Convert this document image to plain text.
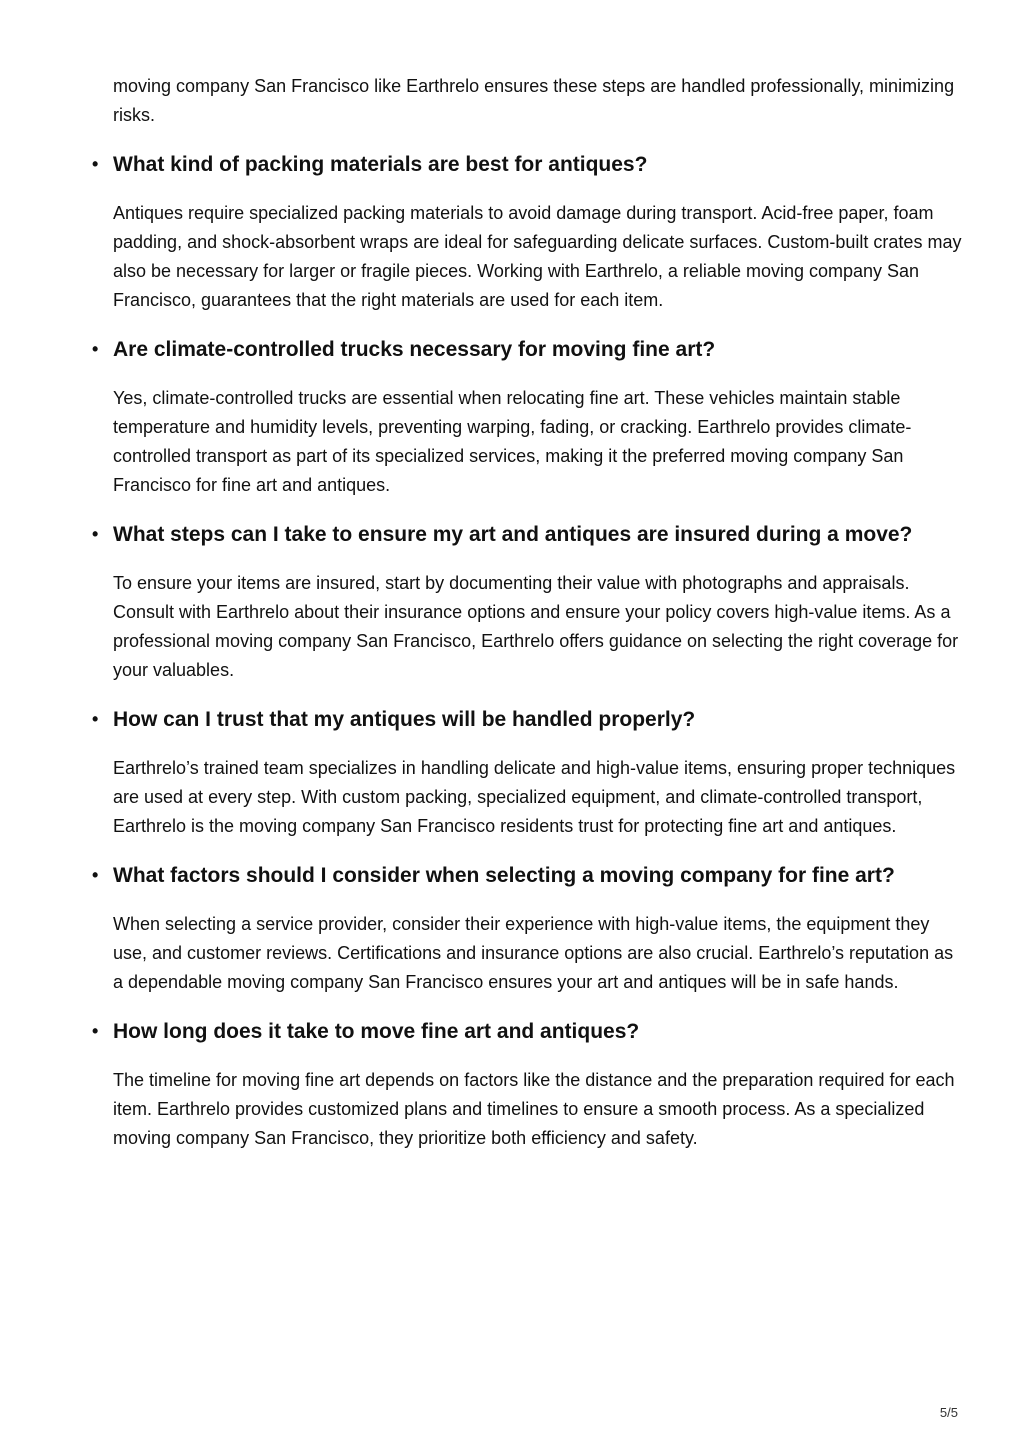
moving company San Francisco like Earthrelo ensures these steps are handled professionally, minimizing risks.

• What kind of packing materials are best for antiques?

Antiques require specialized packing materials to avoid damage during transport. Acid-free paper, foam padding, and shock-absorbent wraps are ideal for safeguarding delicate surfaces. Custom-built crates may also be necessary for larger or fragile pieces. Working with Earthrelo, a reliable moving company San Francisco, guarantees that the right materials are used for each item.

• Are climate-controlled trucks necessary for moving fine art?

Yes, climate-controlled trucks are essential when relocating fine art. These vehicles maintain stable temperature and humidity levels, preventing warping, fading, or cracking. Earthrelo provides climate-controlled transport as part of its specialized services, making it the preferred moving company San Francisco for fine art and antiques.

• What steps can I take to ensure my art and antiques are insured during a move?

To ensure your items are insured, start by documenting their value with photographs and appraisals. Consult with Earthrelo about their insurance options and ensure your policy covers high-value items. As a professional moving company San Francisco, Earthrelo offers guidance on selecting the right coverage for your valuables.

• How can I trust that my antiques will be handled properly?

Earthrelo’s trained team specializes in handling delicate and high-value items, ensuring proper techniques are used at every step. With custom packing, specialized equipment, and climate-controlled transport, Earthrelo is the moving company San Francisco residents trust for protecting fine art and antiques.

• What factors should I consider when selecting a moving company for fine art?

When selecting a service provider, consider their experience with high-value items, the equipment they use, and customer reviews. Certifications and insurance options are also crucial. Earthrelo’s reputation as a dependable moving company San Francisco ensures your art and antiques will be in safe hands.

• How long does it take to move fine art and antiques?

The timeline for moving fine art depends on factors like the distance and the preparation required for each item. Earthrelo provides customized plans and timelines to ensure a smooth process. As a specialized moving company San Francisco, they prioritize both efficiency and safety.

5/5
